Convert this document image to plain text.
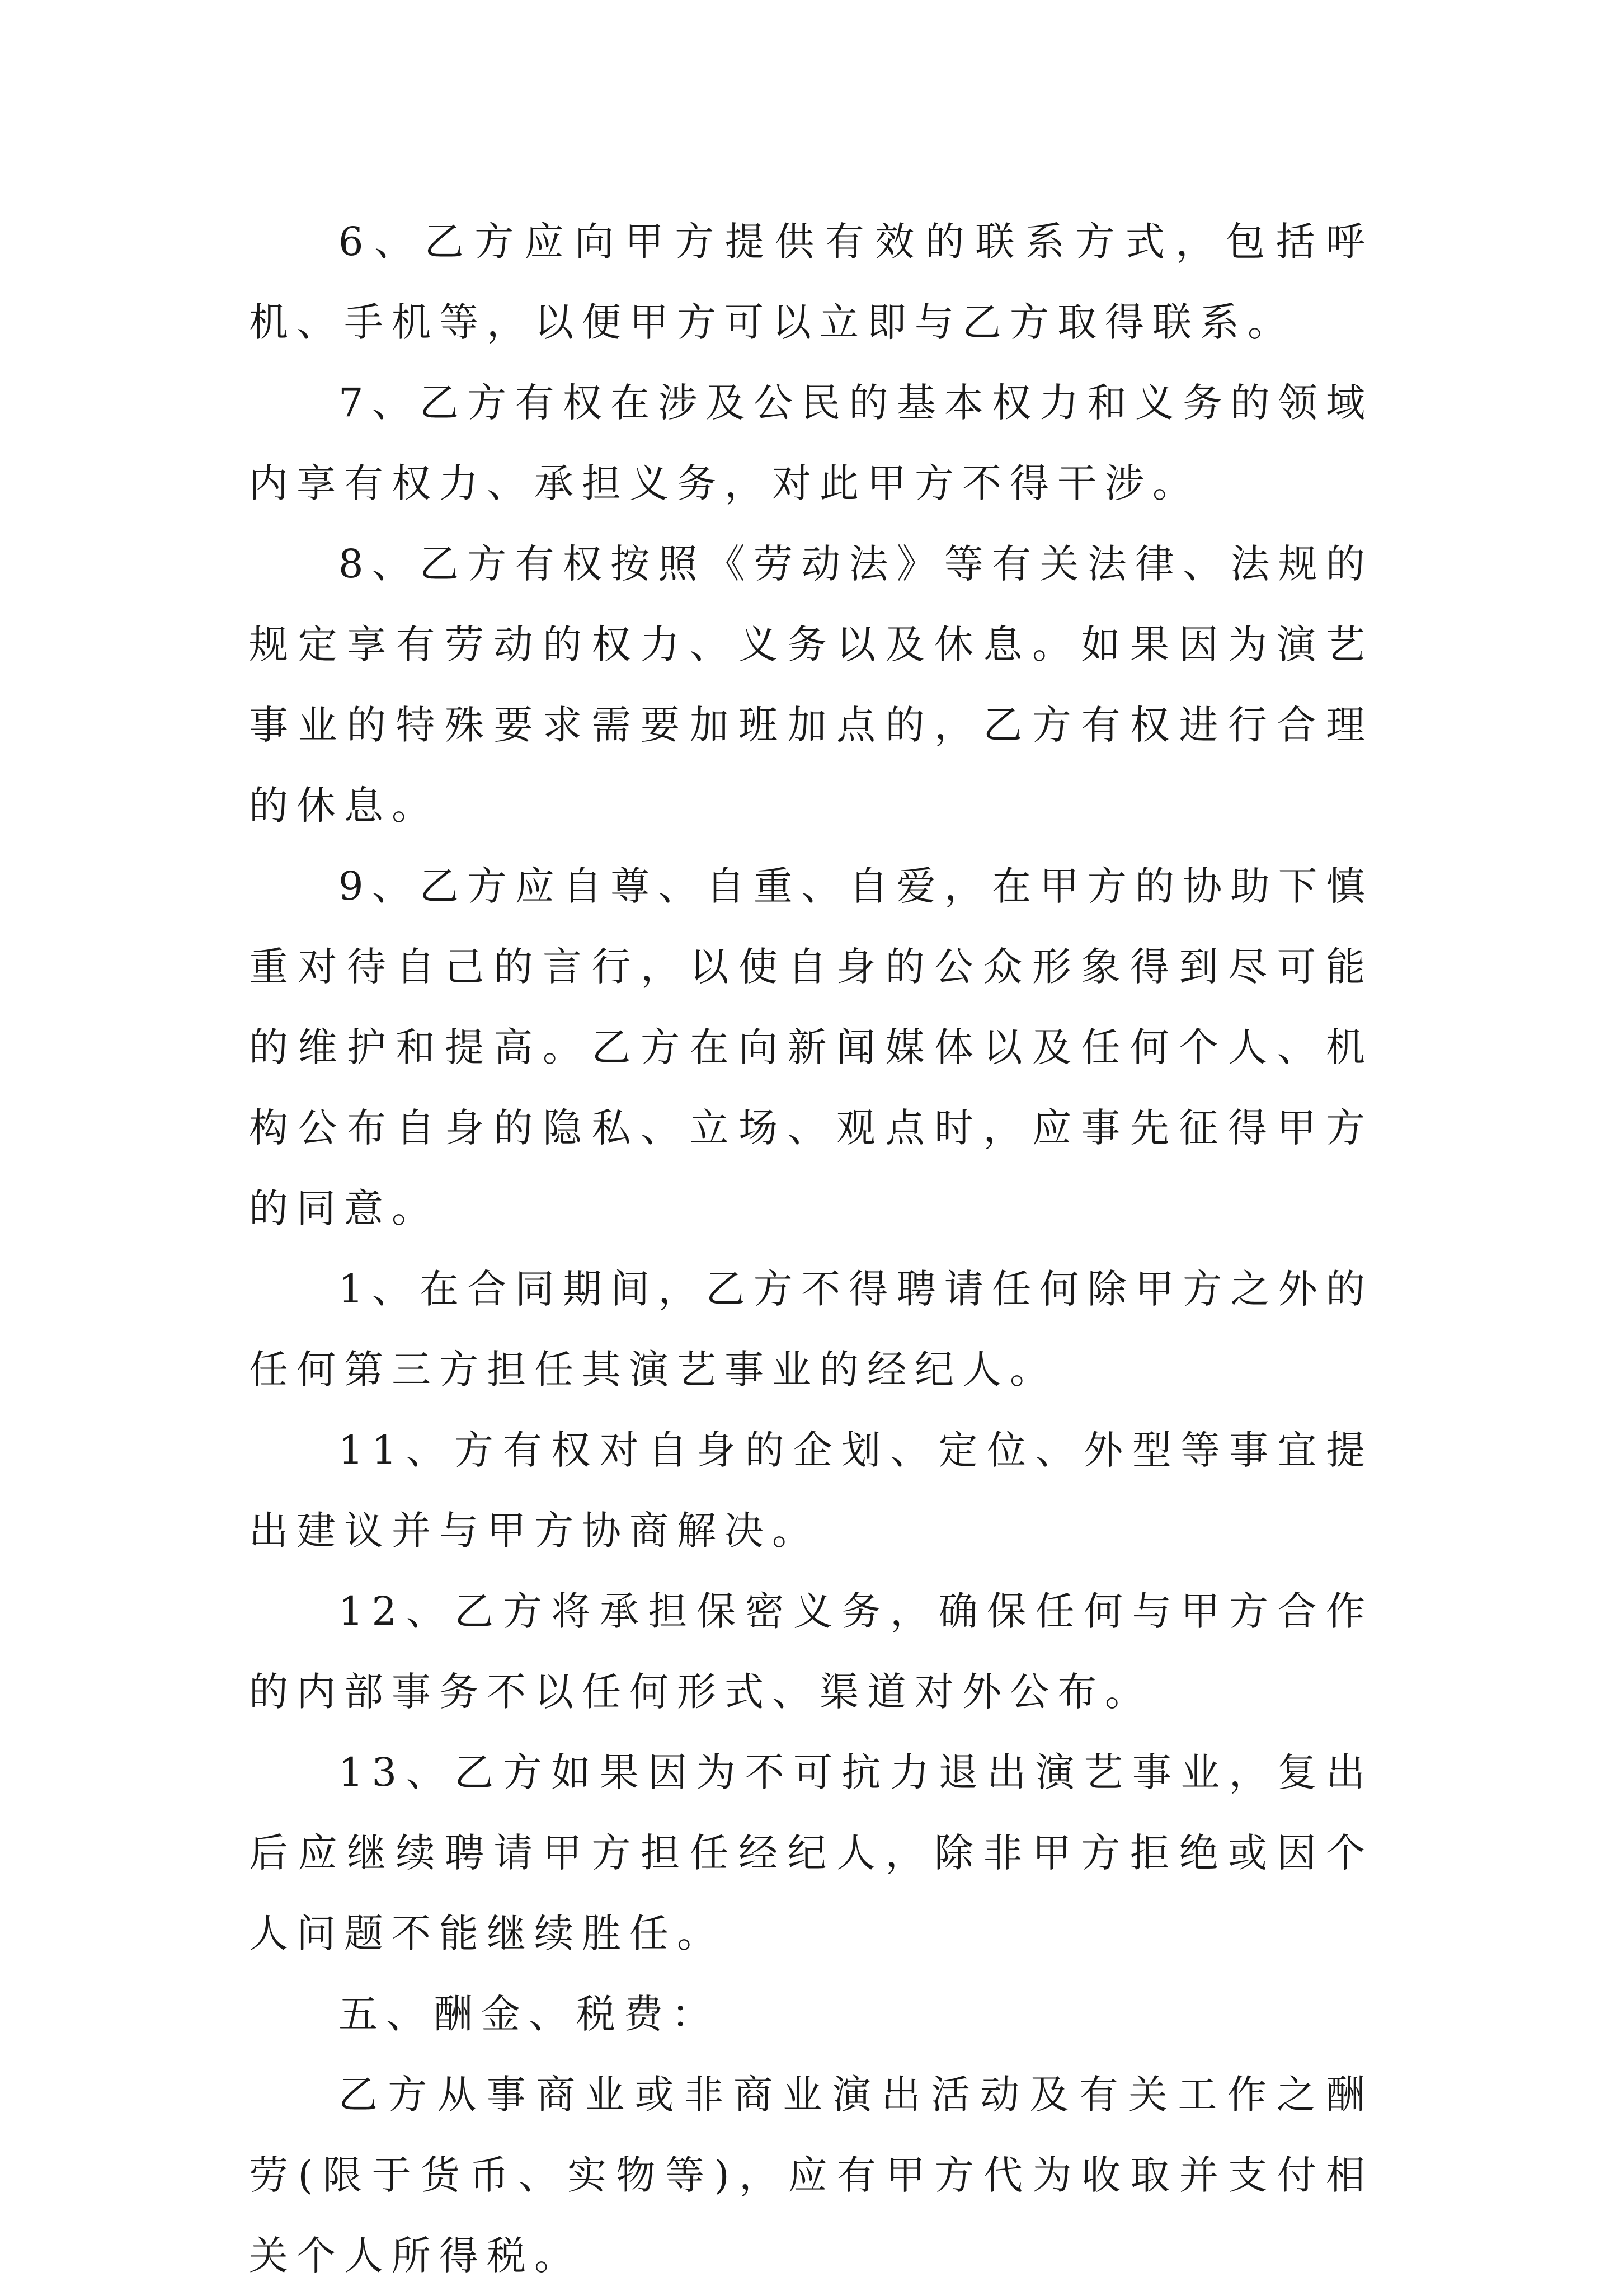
6、乙方应向甲方提供有效的联系方式，包括呼机、手机等，以便甲方可以立即与乙方取得联系。

7、乙方有权在涉及公民的基本权力和义务的领域内享有权力、承担义务，对此甲方不得干涉。

8、乙方有权按照《劳动法》等有关法律、法规的规定享有劳动的权力、义务以及休息。如果因为演艺事业的特殊要求需要加班加点的，乙方有权进行合理的休息。

9、乙方应自尊、自重、自爱，在甲方的协助下慎重对待自己的言行，以使自身的公众形象得到尽可能的维护和提高。乙方在向新闻媒体以及任何个人、机构公布自身的隐私、立场、观点时，应事先征得甲方的同意。

1、在合同期间，乙方不得聘请任何除甲方之外的任何第三方担任其演艺事业的经纪人。

11、方有权对自身的企划、定位、外型等事宜提出建议并与甲方协商解决。

12、乙方将承担保密义务，确保任何与甲方合作的内部事务不以任何形式、渠道对外公布。

13、乙方如果因为不可抗力退出演艺事业，复出后应继续聘请甲方担任经纪人，除非甲方拒绝或因个人问题不能继续胜任。

五、酬金、税费：

乙方从事商业或非商业演出活动及有关工作之酬劳(限于货币、实物等)，应有甲方代为收取并支付相关个人所得税。
